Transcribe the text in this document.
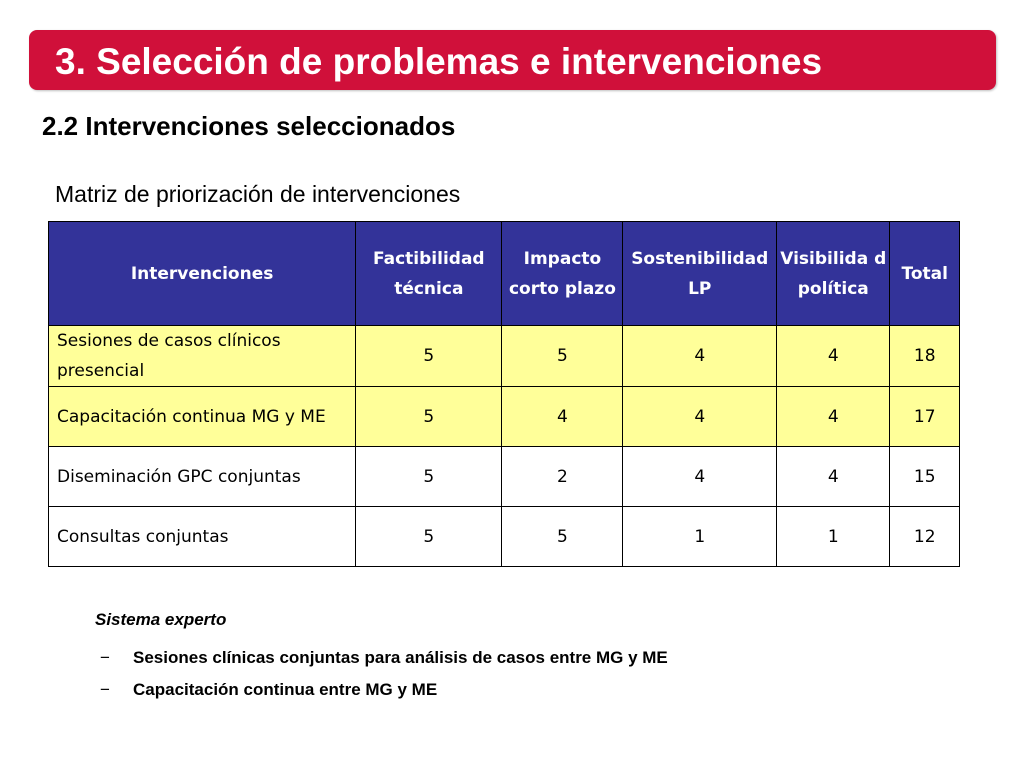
3. Selección de problemas e intervenciones
2.2 Intervenciones seleccionados
Matriz de priorización de intervenciones
Intervenciones	Factibilidad técnica	Impacto corto plazo	Sostenibilidad LP	Visibilida d política	Total
Sesiones de casos clínicos presencial	5	5	4	4	18
Capacitación continua MG y ME	5	4	4	4	17
Diseminación GPC conjuntas	5	2	4	4	15
Consultas conjuntas	5	5	1	1	12
Sistema experto
− Sesiones clínicas conjuntas para análisis de casos entre MG y ME
− Capacitación continua entre MG y ME
